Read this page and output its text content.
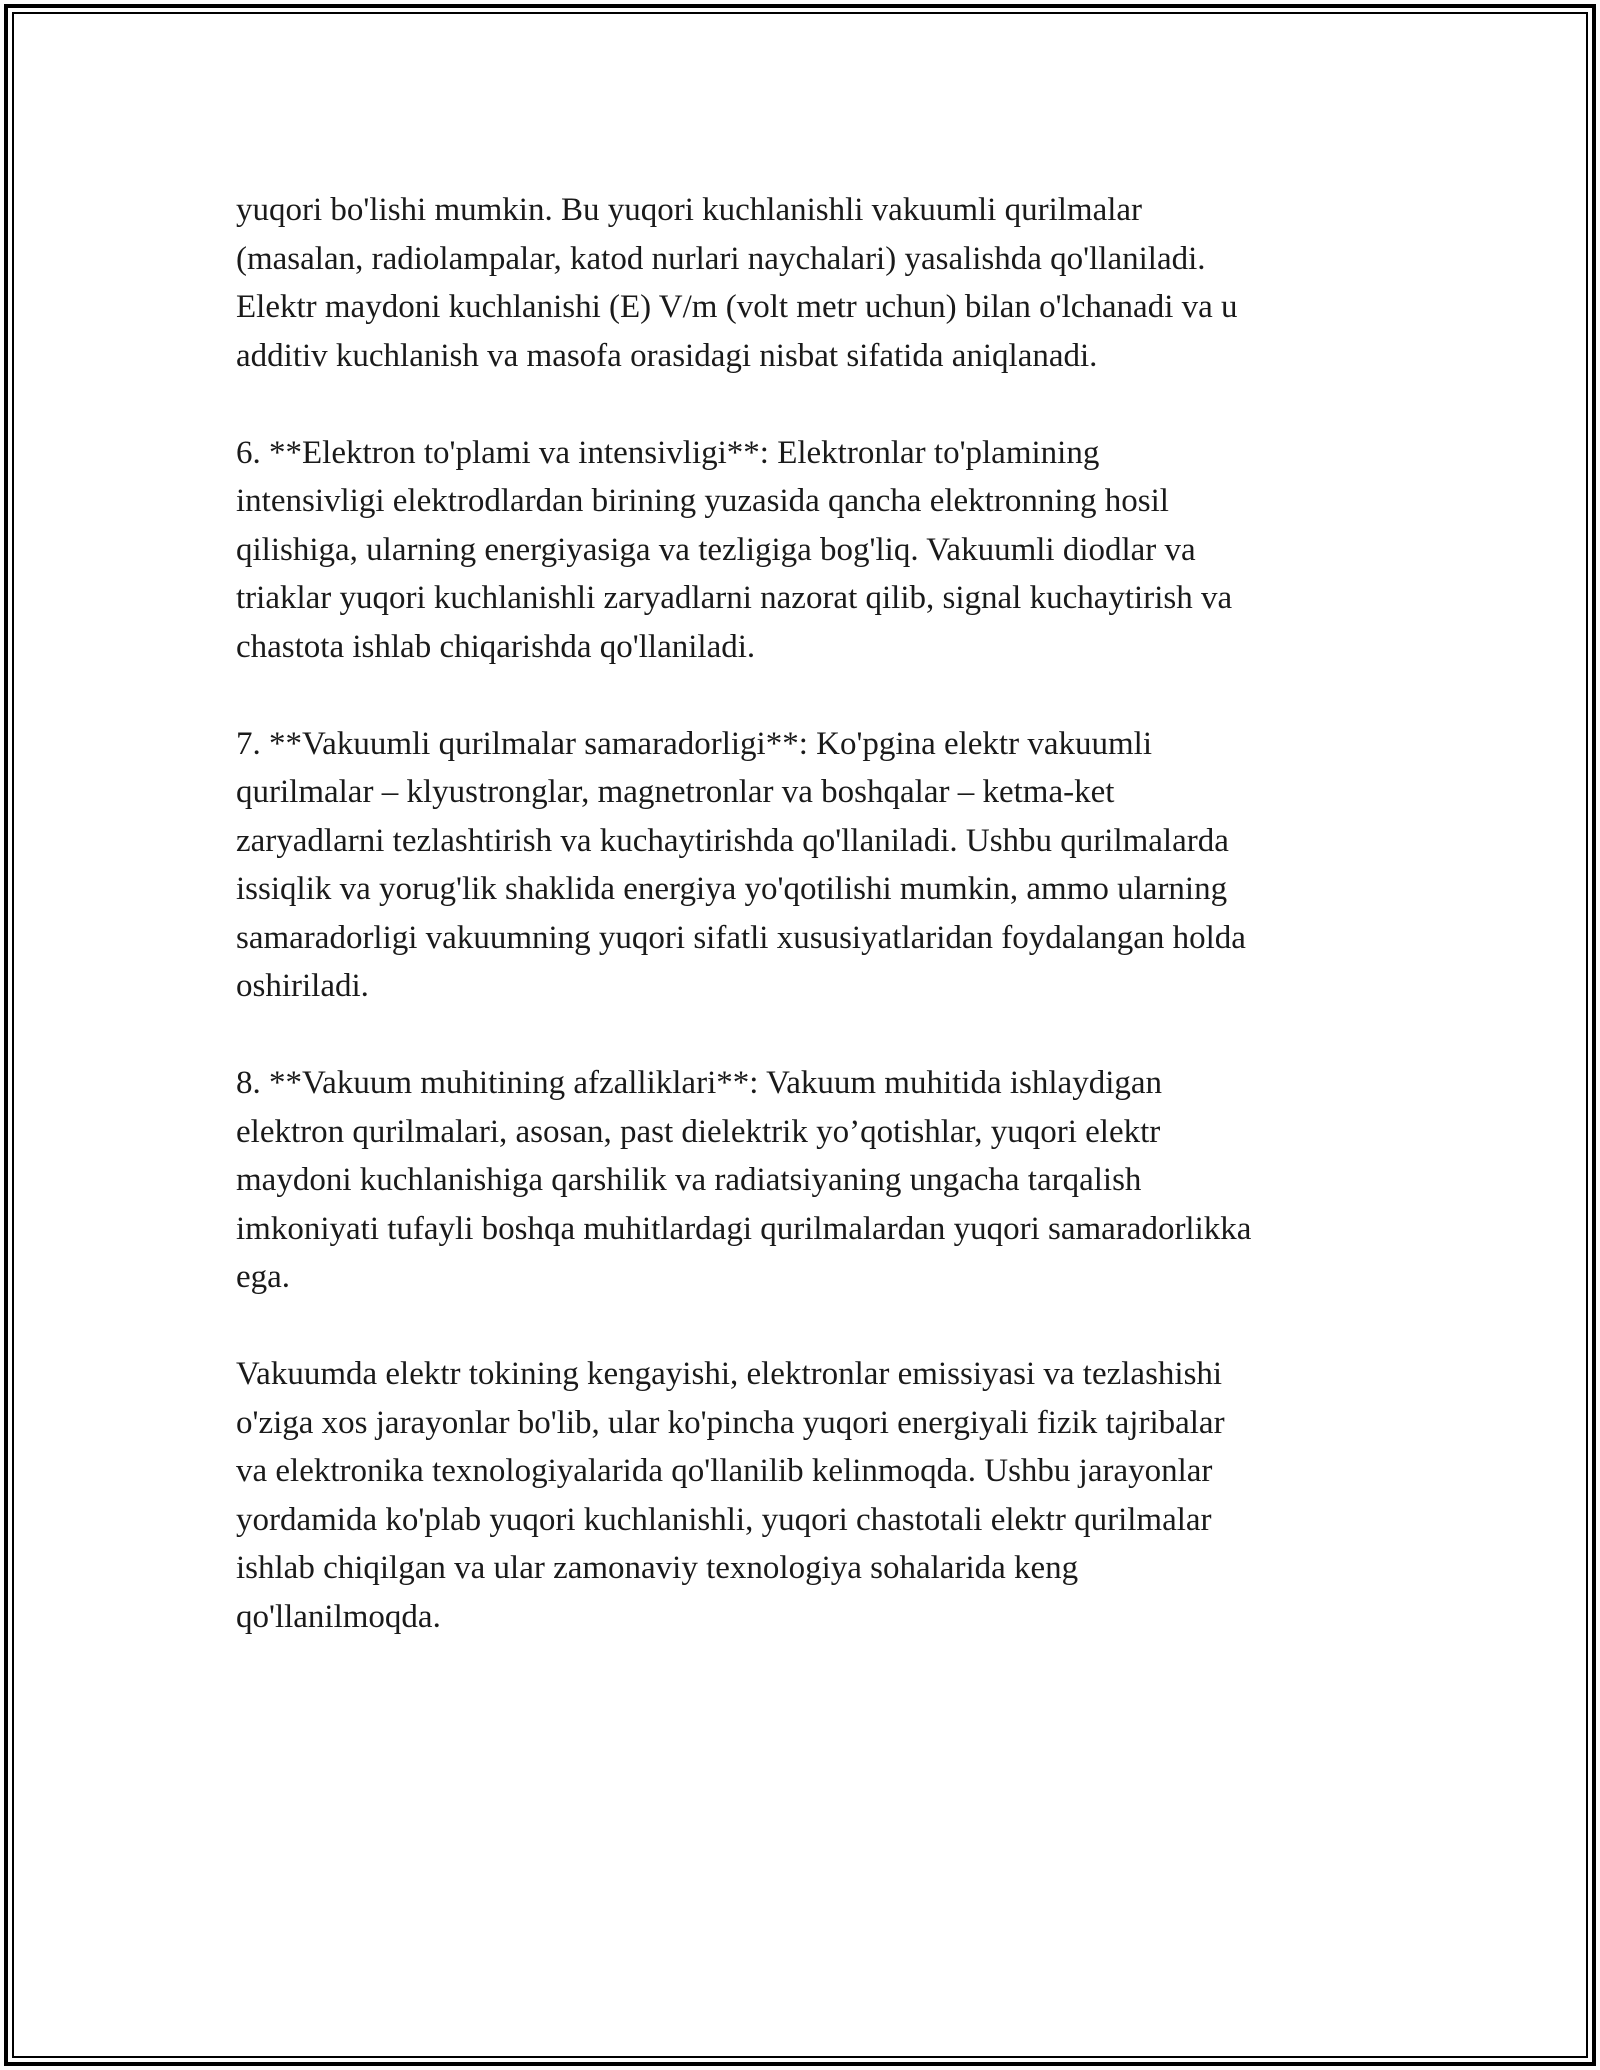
yuqori bo'lishi mumkin. Bu yuqori kuchlanishli vakuumli qurilmalar
(masalan, radiolampalar, katod nurlari naychalari) yasalishda qo'llaniladi.
Elektr maydoni kuchlanishi (E) V/m (volt metr uchun) bilan o'lchanadi va u
additiv kuchlanish va masofa orasidagi nisbat sifatida aniqlanadi.

6. **Elektron to'plami va intensivligi**: Elektronlar to'plamining
intensivligi elektrodlardan birining yuzasida qancha elektronning hosil
qilishiga, ularning energiyasiga va tezligiga bog'liq. Vakuumli diodlar va
triaklar yuqori kuchlanishli zaryadlarni nazorat qilib, signal kuchaytirish va
chastota ishlab chiqarishda qo'llaniladi.

7. **Vakuumli qurilmalar samaradorligi**: Ko'pgina elektr vakuumli
qurilmalar – klyustronglar, magnetronlar va boshqalar – ketma-ket
zaryadlarni tezlashtirish va kuchaytirishda qo'llaniladi. Ushbu qurilmalarda
issiqlik va yorug'lik shaklida energiya yo'qotilishi mumkin, ammo ularning
samaradorligi vakuumning yuqori sifatli xususiyatlaridan foydalangan holda
oshiriladi.

8. **Vakuum muhitining afzalliklari**: Vakuum muhitida ishlaydigan
elektron qurilmalari, asosan, past dielektrik yo’qotishlar, yuqori elektr
maydoni kuchlanishiga qarshilik va radiatsiyaning ungacha tarqalish
imkoniyati tufayli boshqa muhitlardagi qurilmalardan yuqori samaradorlikka
ega.

Vakuumda elektr tokining kengayishi, elektronlar emissiyasi va tezlashishi
o'ziga xos jarayonlar bo'lib, ular ko'pincha yuqori energiyali fizik tajribalar
va elektronika texnologiyalarida qo'llanilib kelinmoqda. Ushbu jarayonlar
yordamida ko'plab yuqori kuchlanishli, yuqori chastotali elektr qurilmalar
ishlab chiqilgan va ular zamonaviy texnologiya sohalarida keng
qo'llanilmoqda.
